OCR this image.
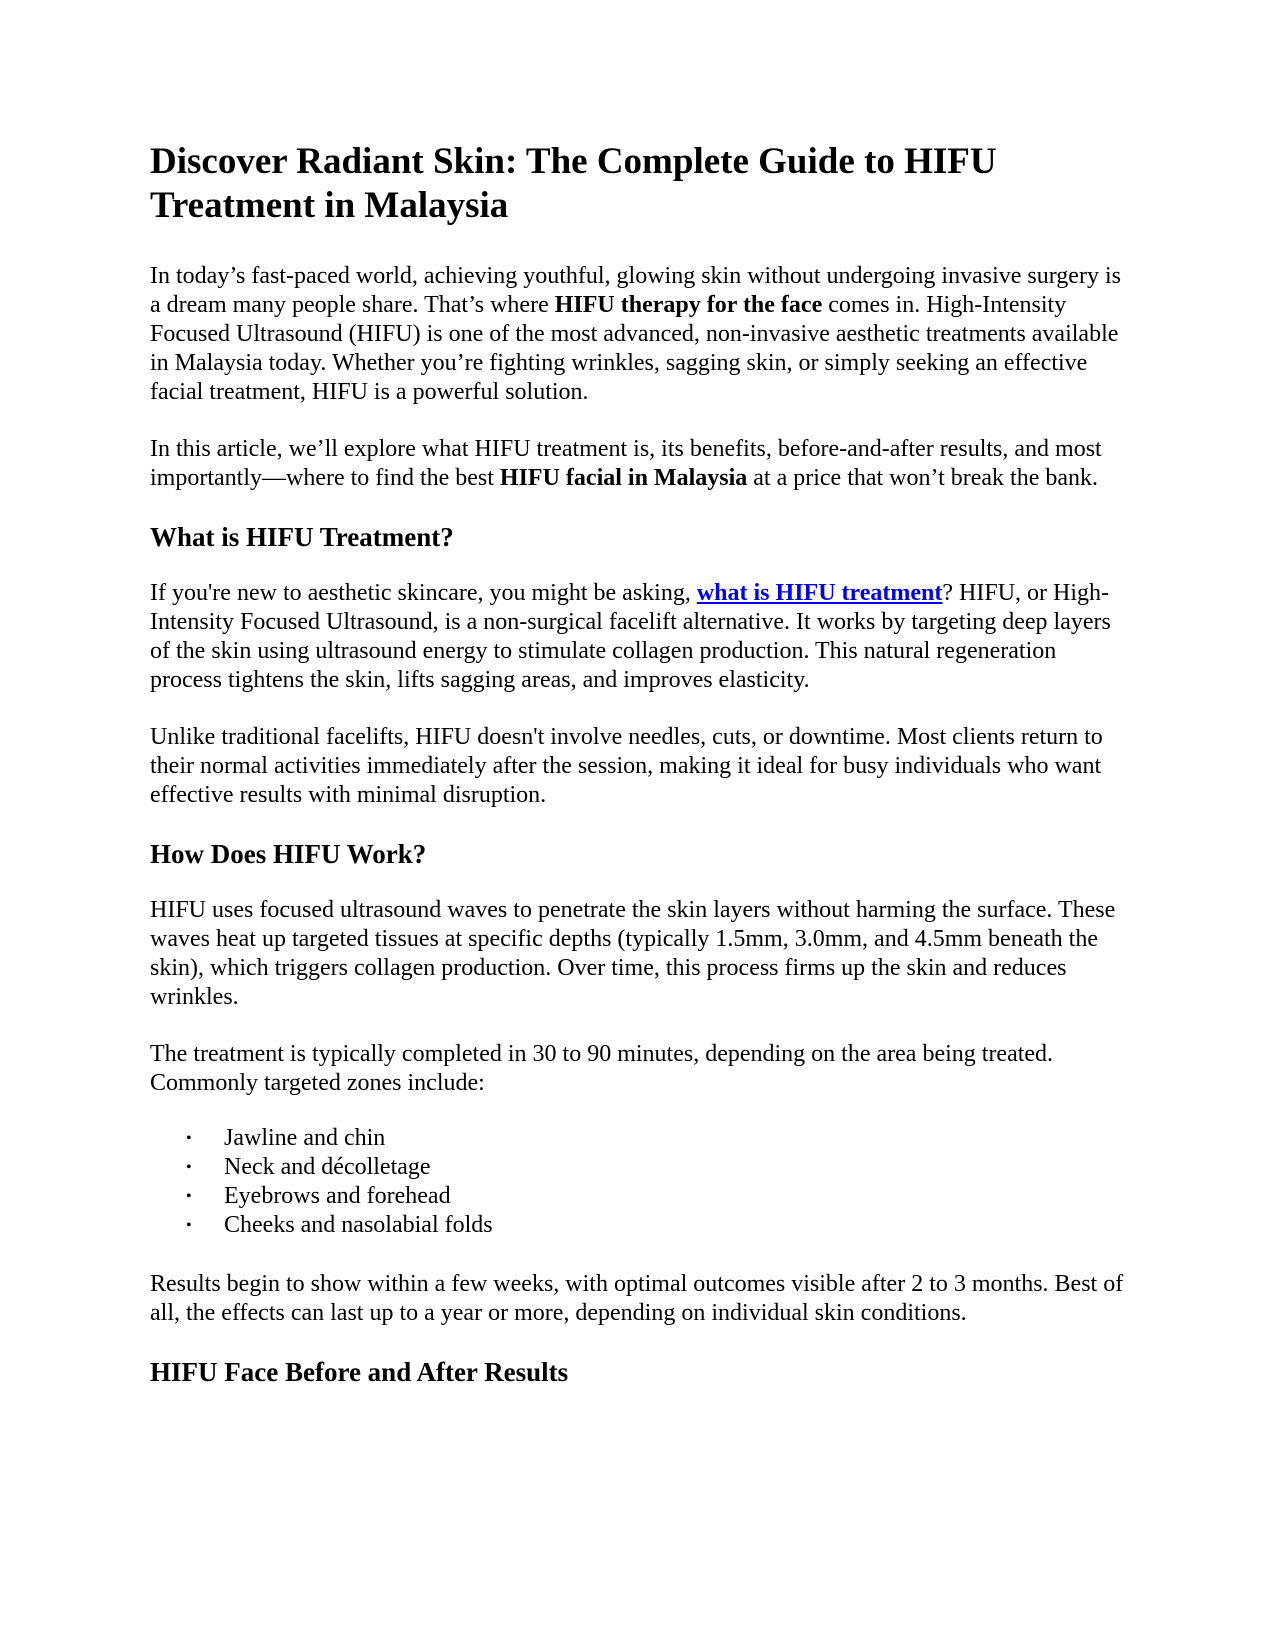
Discover Radiant Skin: The Complete Guide to HIFU Treatment in Malaysia

In today’s fast-paced world, achieving youthful, glowing skin without undergoing invasive surgery is a dream many people share. That’s where HIFU therapy for the face comes in. High-Intensity Focused Ultrasound (HIFU) is one of the most advanced, non-invasive aesthetic treatments available in Malaysia today. Whether you’re fighting wrinkles, sagging skin, or simply seeking an effective facial treatment, HIFU is a powerful solution.

In this article, we’ll explore what HIFU treatment is, its benefits, before-and-after results, and most importantly—where to find the best HIFU facial in Malaysia at a price that won’t break the bank.

What is HIFU Treatment?

If you're new to aesthetic skincare, you might be asking, what is HIFU treatment? HIFU, or High-Intensity Focused Ultrasound, is a non-surgical facelift alternative. It works by targeting deep layers of the skin using ultrasound energy to stimulate collagen production. This natural regeneration process tightens the skin, lifts sagging areas, and improves elasticity.

Unlike traditional facelifts, HIFU doesn't involve needles, cuts, or downtime. Most clients return to their normal activities immediately after the session, making it ideal for busy individuals who want effective results with minimal disruption.

How Does HIFU Work?

HIFU uses focused ultrasound waves to penetrate the skin layers without harming the surface. These waves heat up targeted tissues at specific depths (typically 1.5mm, 3.0mm, and 4.5mm beneath the skin), which triggers collagen production. Over time, this process firms up the skin and reduces wrinkles.

The treatment is typically completed in 30 to 90 minutes, depending on the area being treated. Commonly targeted zones include:

• Jawline and chin
• Neck and décolletage
• Eyebrows and forehead
• Cheeks and nasolabial folds

Results begin to show within a few weeks, with optimal outcomes visible after 2 to 3 months. Best of all, the effects can last up to a year or more, depending on individual skin conditions.

HIFU Face Before and After Results
